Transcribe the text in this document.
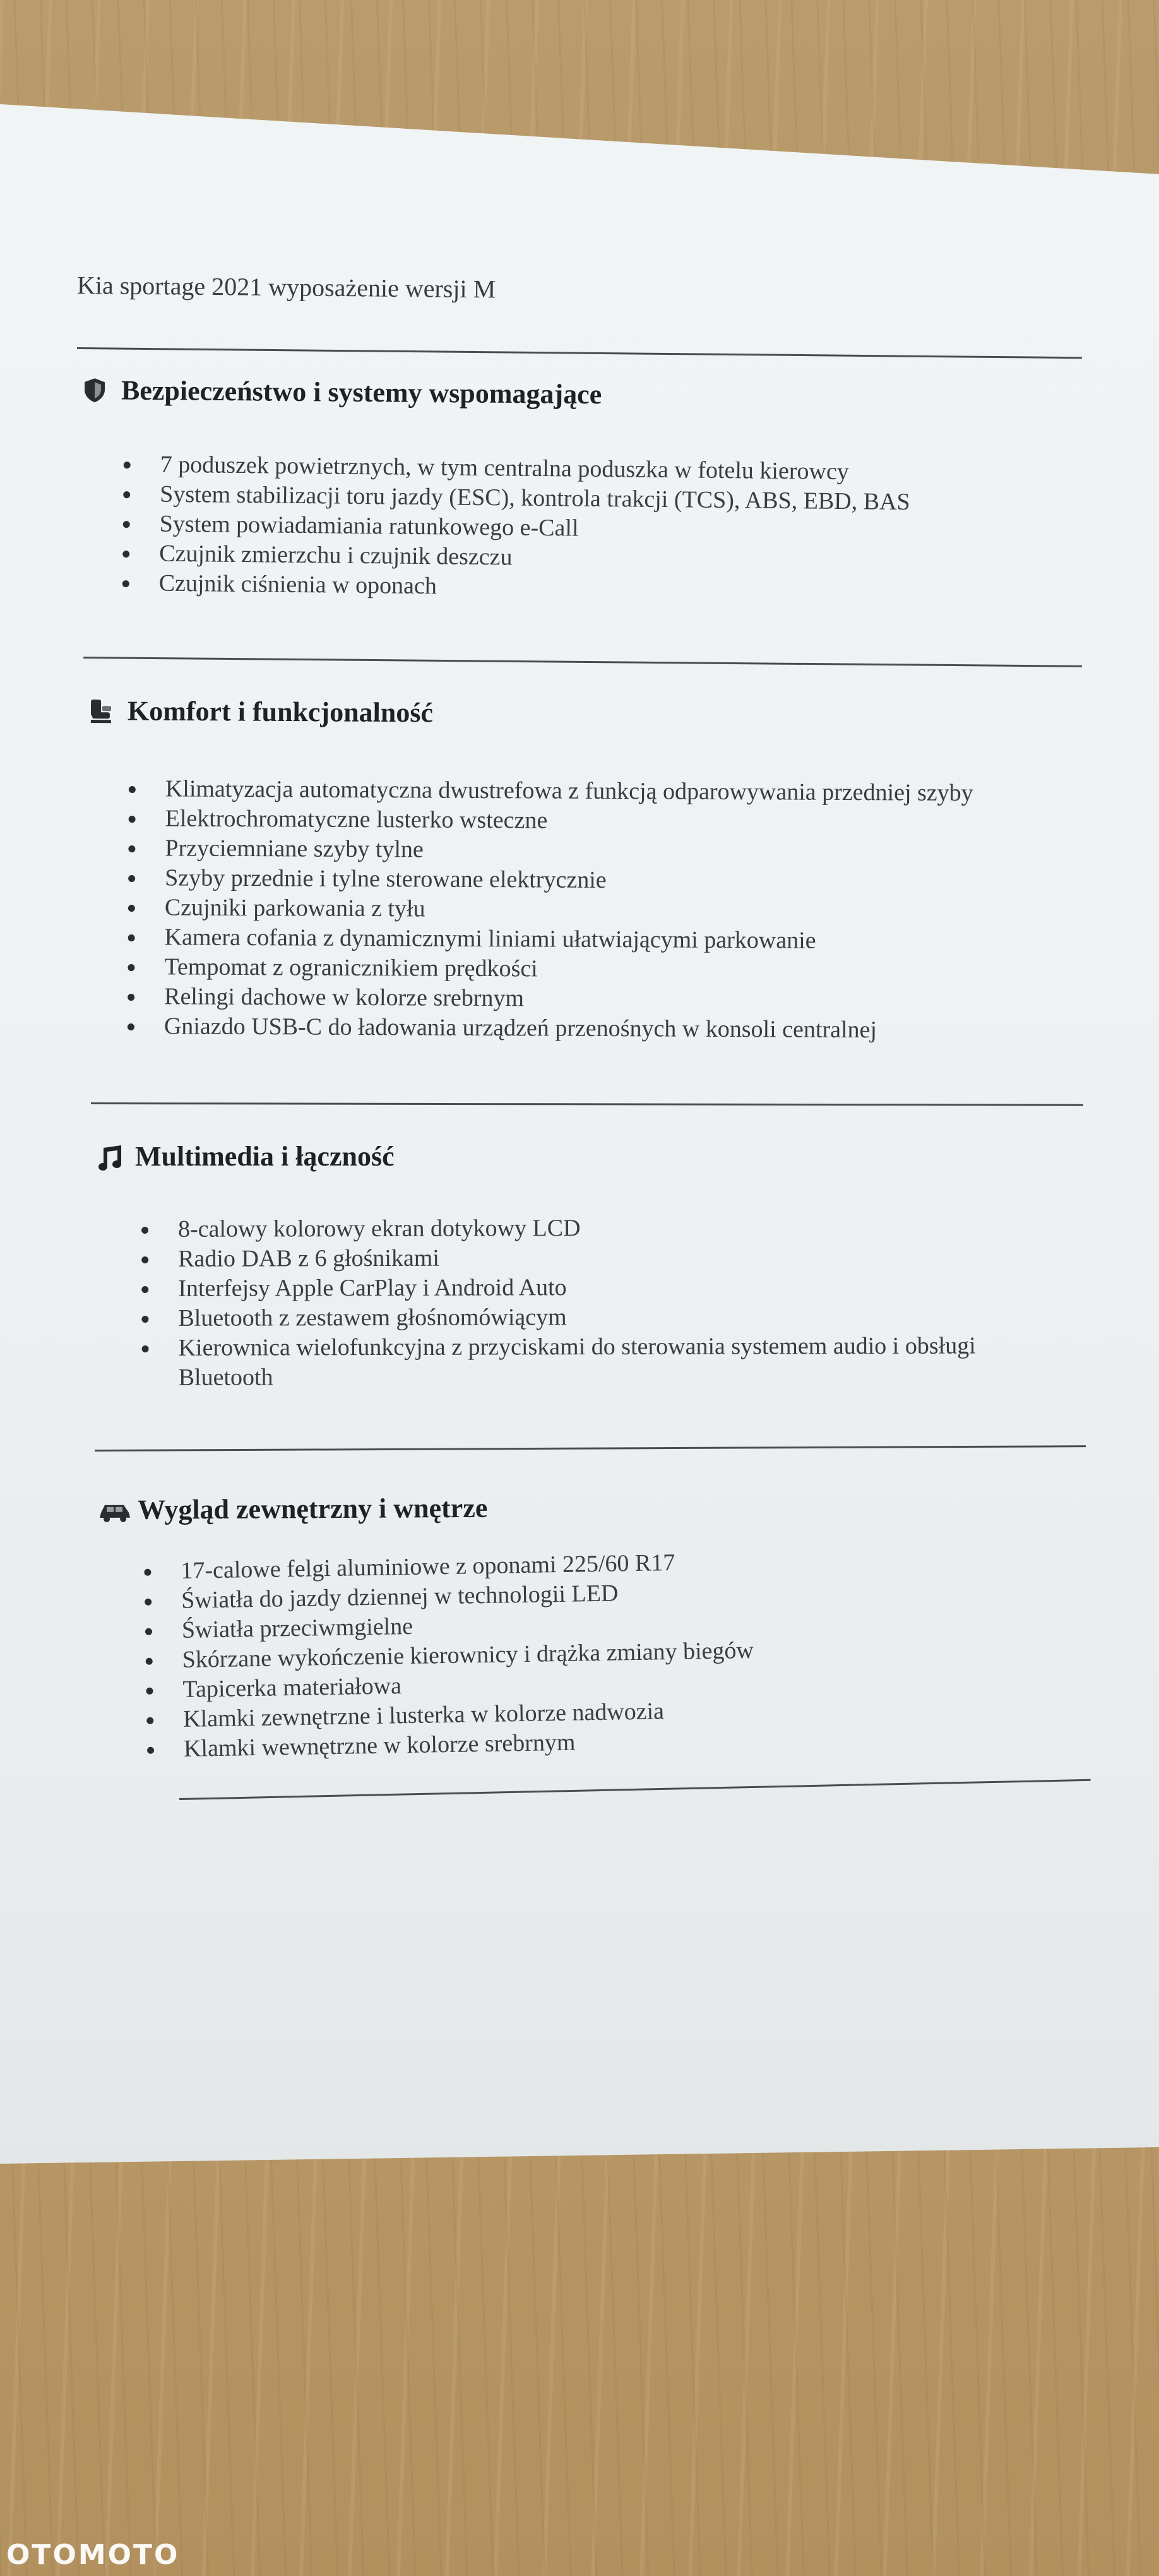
Kia sportage 2021 wyposażenie wersji M
Bezpieczeństwo i systemy wspomagające
7 poduszek powietrznych, w tym centralna poduszka w fotelu kierowcy
System stabilizacji toru jazdy (ESC), kontrola trakcji (TCS), ABS, EBD, BAS
System powiadamiania ratunkowego e-Call
Czujnik zmierzchu i czujnik deszczu
Czujnik ciśnienia w oponach
Komfort i funkcjonalność
Klimatyzacja automatyczna dwustrefowa z funkcją odparowywania przedniej szyby
Elektrochromatyczne lusterko wsteczne
Przyciemniane szyby tylne
Szyby przednie i tylne sterowane elektrycznie
Czujniki parkowania z tyłu
Kamera cofania z dynamicznymi liniami ułatwiającymi parkowanie
Tempomat z ogranicznikiem prędkości
Relingi dachowe w kolorze srebrnym
Gniazdo USB-C do ładowania urządzeń przenośnych w konsoli centralnej
Multimedia i łączność
8-calowy kolorowy ekran dotykowy LCD
Radio DAB z 6 głośnikami
Interfejsy Apple CarPlay i Android Auto
Bluetooth z zestawem głośnomówiącym
Kierownica wielofunkcyjna z przyciskami do sterowania systemem audio i obsługi
Bluetooth
Wygląd zewnętrzny i wnętrze
17-calowe felgi aluminiowe z oponami 225/60 R17
Światła do jazdy dziennej w technologii LED
Światła przeciwmgielne
Skórzane wykończenie kierownicy i drążka zmiany biegów
Tapicerka materiałowa
Klamki zewnętrzne i lusterka w kolorze nadwozia
Klamki wewnętrzne w kolorze srebrnym
OTOMOTO
